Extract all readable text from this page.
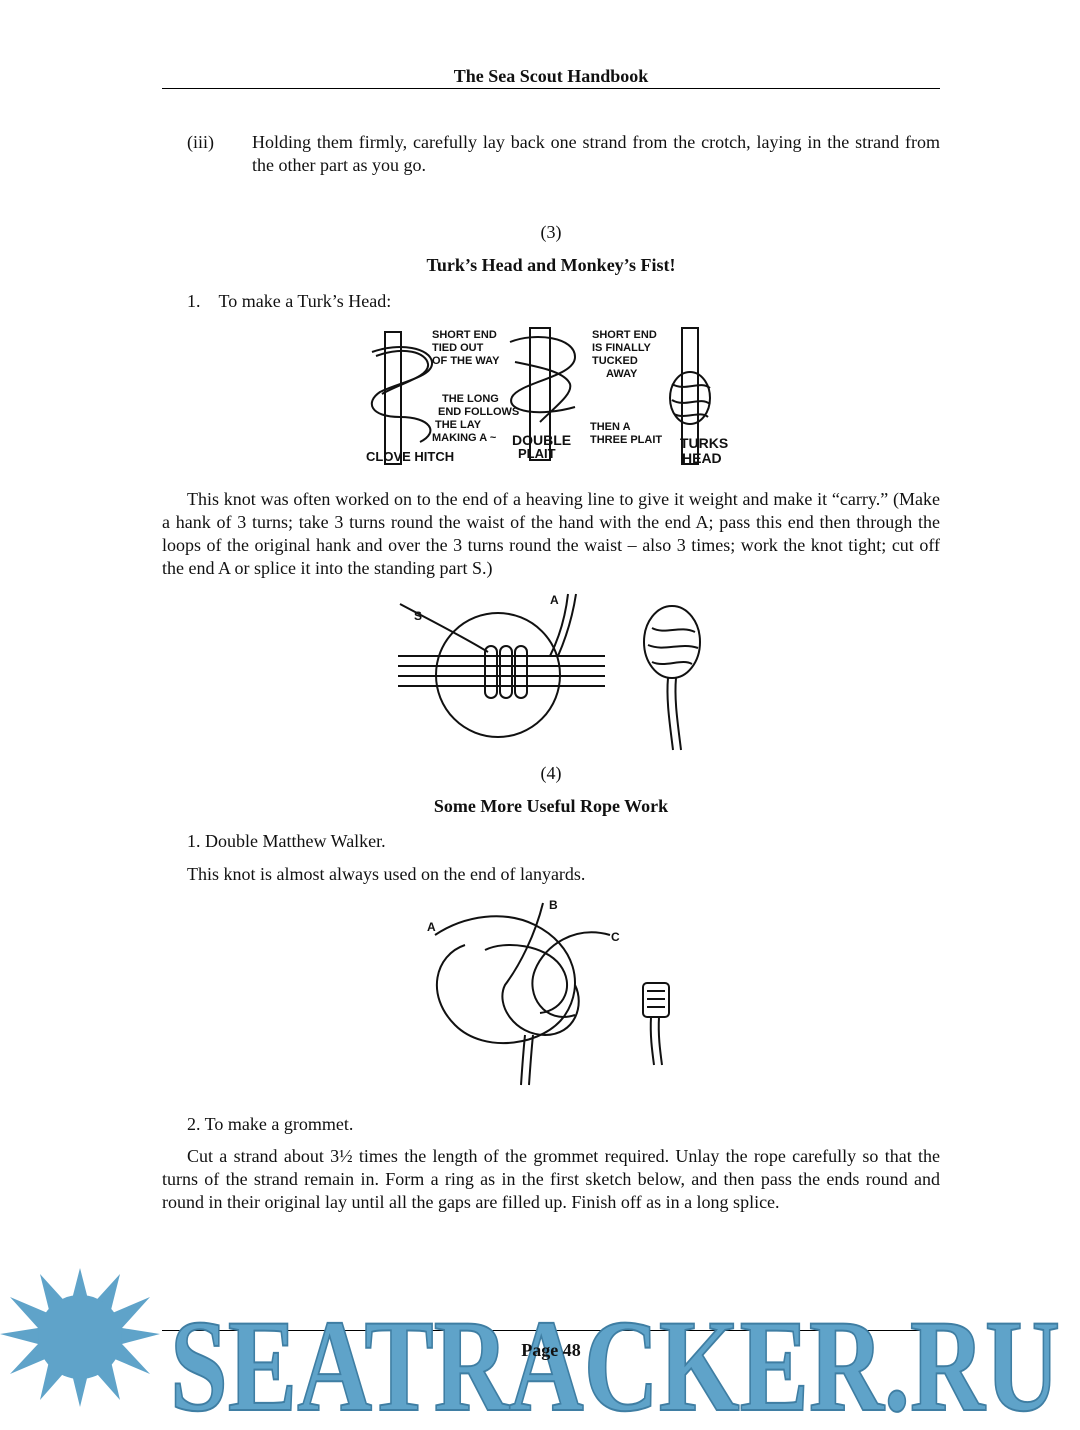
The Sea Scout Handbook
(iii) Holding them firmly, carefully lay back one strand from the crotch, laying in the strand from the other part as you go.
(3)
Turk’s Head and Monkey’s Fist!
1. To make a Turk’s Head:
SHORT END
TIED OUT
OF THE WAY
SHORT END
IS FINALLY
TUCKED
AWAY
THE LONG
END FOLLOWS
THE LAY
MAKING A ~ DOUBLE
PLAIT
THEN A
THREE PLAIT
CLOVE HITCH
TURKS
HEAD
This knot was often worked on to the end of a heaving line to give it weight and make it “carry.” (Make a hank of 3 turns; take 3 turns round the waist of the hand with the end A; pass this end then through the loops of the original hank and over the 3 turns round the waist – also 3 times; work the knot tight; cut off the end A or splice it into the standing part S.)
S
A
(4)
Some More Useful Rope Work
1. Double Matthew Walker.
This knot is almost always used on the end of lanyards.
A
B
C
2. To make a grommet.
Cut a strand about 3½ times the length of the grommet required. Unlay the rope carefully so that the turns of the strand remain in. Form a ring as in the first sketch below, and then pass the ends round and round in their original lay until all the gaps are filled up. Finish off as in a long splice.
Page 48
SEATRACKER.RU
